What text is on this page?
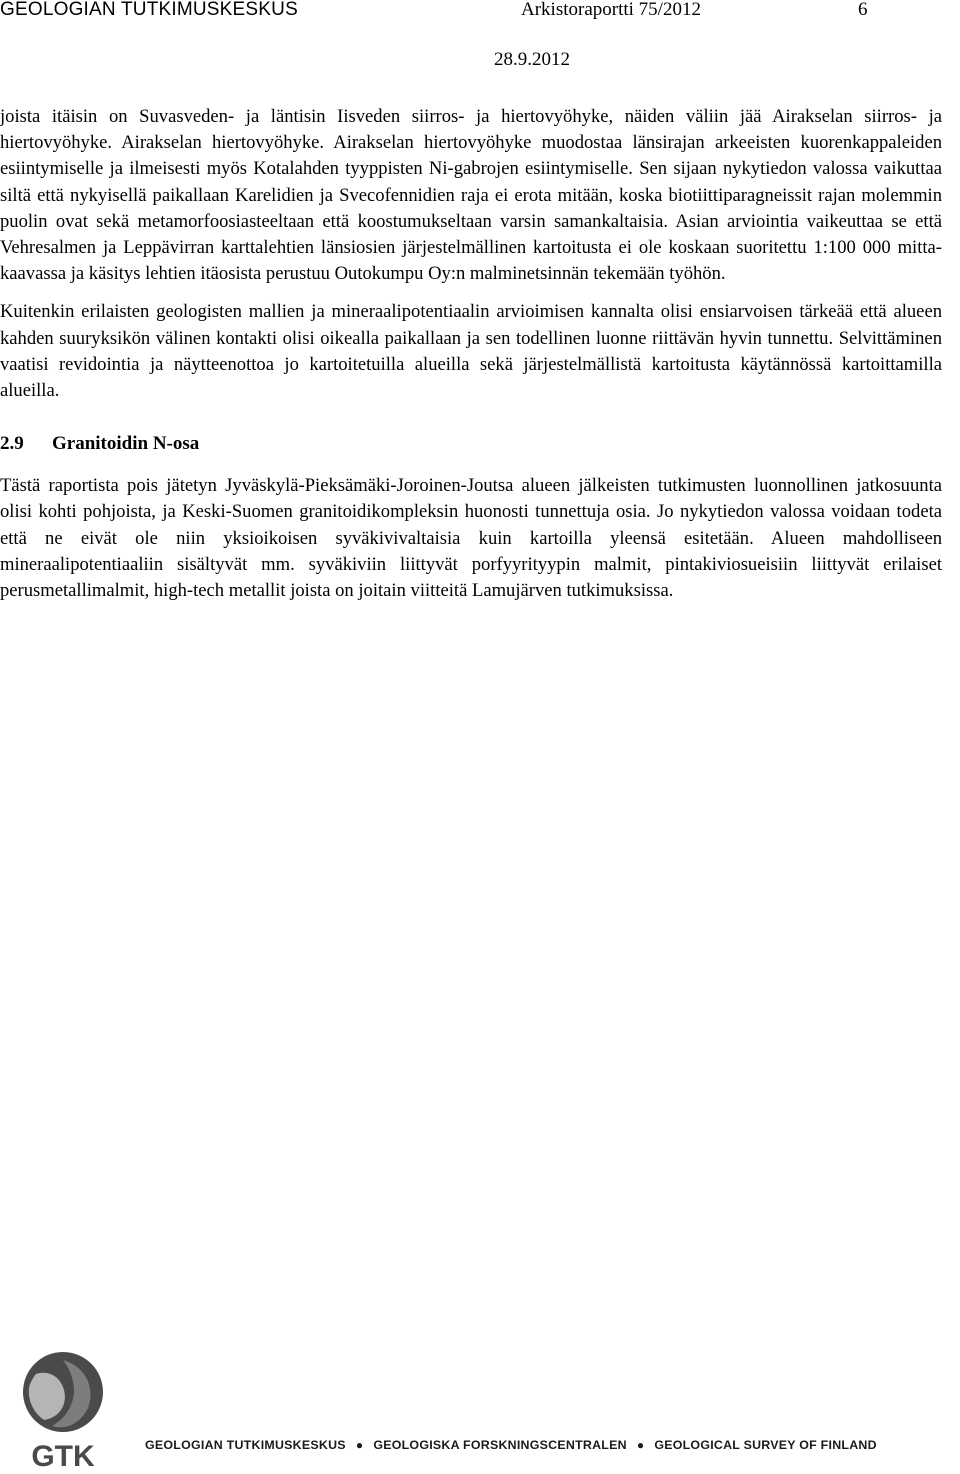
GEOLOGIAN TUTKIMUSKESKUS	Arkistoraportti 75/2012	6
28.9.2012

joista itäisin on Suvasveden- ja läntisin Iisveden siirros- ja hiertovyöhyke, näiden väliin jää Airakselan siirros- ja hiertovyöhyke. Airakselan hiertovyöhyke. Airakselan hiertovyöhyke muodostaa länsirajan arkeeisten kuorenkappaleiden esiintymiselle ja ilmeisesti myös Kotalahden tyyppisten Ni-gabrojen esiintymiselle. Sen sijaan nykytiedon valossa vaikuttaa siltä että nykyisellä paikallaan Karelidien ja Svecofennidien raja ei erota mitään, koska biotiittiparagneissit rajan molemmin puolin ovat sekä metamorfoosiasteeltaan että koostumukseltaan varsin samankaltaisia. Asian arviointia vaikeuttaa se että Vehresalmen ja Leppävirran karttalehtien länsiosien järjestelmällinen kartoitusta ei ole koskaan suoritettu 1:100 000 mittakaavassa ja käsitys lehtien itäosista perustuu Outokumpu Oy:n malminetsinnän tekemään työhön.

Kuitenkin erilaisten geologisten mallien ja mineraalipotentiaalin arvioimisen kannalta olisi ensiarvoisen tärkeää että alueen kahden suuryksikön välinen kontakti olisi oikealla paikallaan ja sen todellinen luonne riittävän hyvin tunnettu. Selvittäminen vaatisi revidointia ja näytteenottoa jo kartoitetuilla alueilla sekä järjestelmällistä kartoitusta käytännössä kartoittamilla alueilla.

2.9 Granitoidin N-osa

Tästä raportista pois jätetyn Jyväskylä-Pieksämäki-Joroinen-Joutsa alueen jälkeisten tutkimusten luonnollinen jatkosuunta olisi kohti pohjoista, ja Keski-Suomen granitoidikompleksin huonosti tunnettuja osia. Jo nykytiedon valossa voidaan todeta että ne eivät ole niin yksioikoisen syväkivivaltaisia kuin kartoilla yleensä esitetään. Alueen mahdolliseen mineraalipotentiaaliin sisältyvät mm. syväkiviin liittyvät porfyyrityypin malmit, pintakiviosueisiin liittyvät erilaiset perusmetallimalmit, high-tech metallit joista on joitain viitteitä Lamujärven tutkimuksissa.

GTK	GEOLOGIAN TUTKIMUSKESKUS ● GEOLOGISKA FORSKNINGSCENTRALEN ● GEOLOGICAL SURVEY OF FINLAND
